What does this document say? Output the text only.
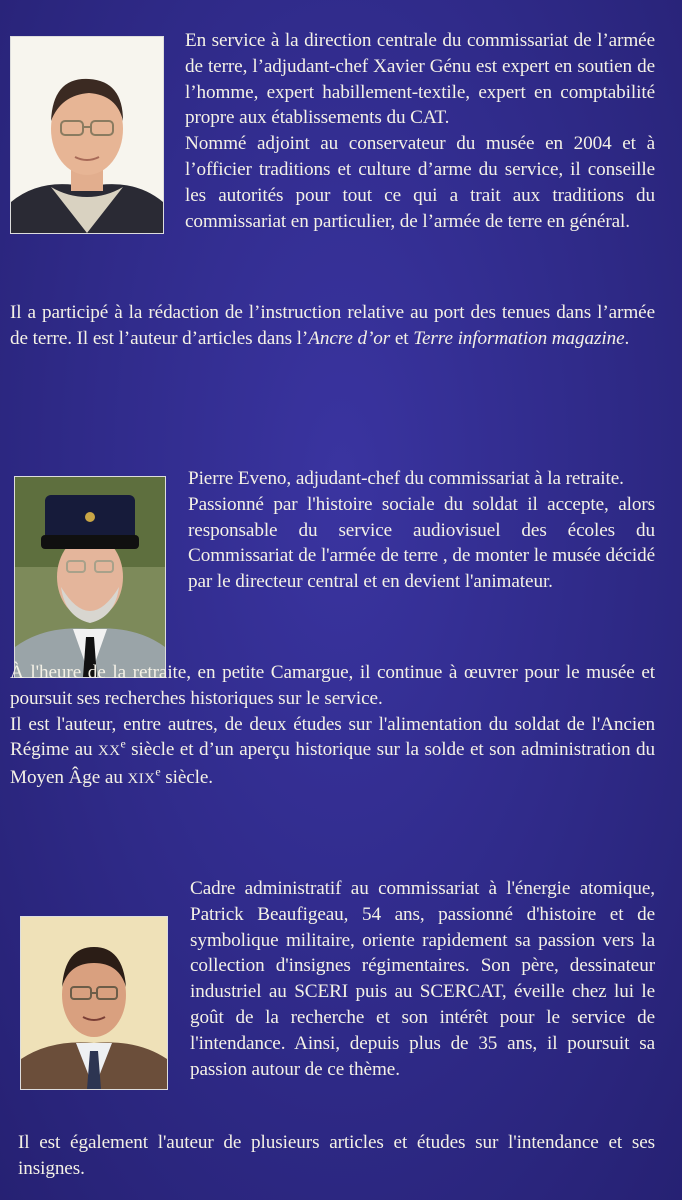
En service à la direction centrale du commissariat de l’armée de terre, l’adjudant-chef Xavier Génu est expert en soutien de l’homme, expert habillement-textile, expert en comptabilité propre aux établissements du CAT.
Nommé adjoint au conservateur du musée en 2004 et à l’officier traditions et culture d’arme du service, il conseille les autorités pour tout ce qui a trait aux traditions du commissariat en particulier, de l’armée de terre en général.
Il a participé à la rédaction de l’instruction relative au port des tenues dans l’armée de terre. Il est l’auteur d’articles dans l’Ancre d’or et Terre information magazine.
Pierre Eveno, adjudant-chef du commissariat à la retraite.
Passionné par l'histoire sociale du soldat il accepte, alors responsable du service audiovisuel des écoles du Commissariat de l'armée de terre , de monter le musée décidé par le directeur central et en devient l'animateur.
À l'heure de la retraite, en petite Camargue, il continue à œuvrer pour le musée et poursuit ses recherches historiques sur le service.
Il est l'auteur, entre autres, de deux études sur l'alimentation du soldat de l'Ancien Régime au XXe siècle et d’un aperçu historique sur la solde et son administration du Moyen Âge au XIXe siècle.
Cadre administratif au commissariat à l'énergie atomique, Patrick Beaufigeau, 54 ans, passionné d'histoire et de symbolique militaire, oriente rapidement sa passion vers la collection d'insignes régimentaires. Son père, dessinateur industriel au SCERI puis au SCERCAT, éveille chez lui le goût de la recherche et son intérêt pour le service de l'intendance. Ainsi, depuis plus de 35 ans, il poursuit sa passion autour de ce thème.
Il est également l'auteur de plusieurs articles et études sur l'intendance et ses insignes.
